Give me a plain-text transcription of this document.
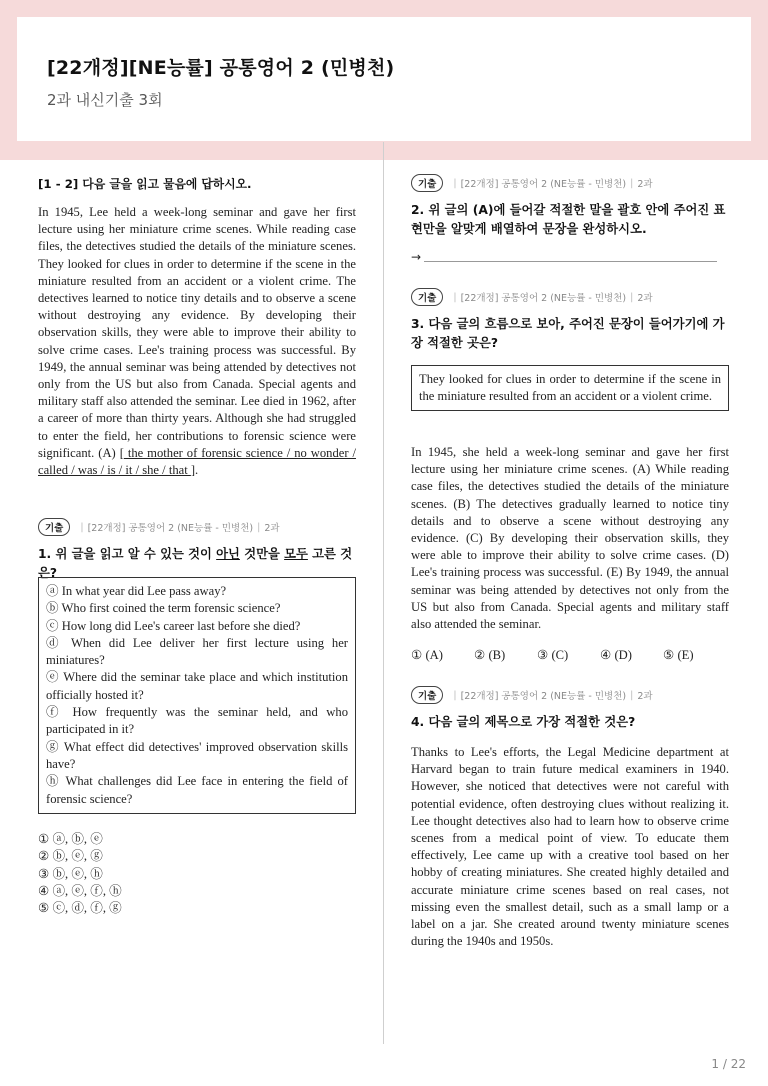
[22개정][NE능률] 공통영어 2 (민병천)
2과 내신기출 3회
[1 - 2] 다음 글을 읽고 물음에 답하시오.
In 1945, Lee held a week-long seminar and gave her first lecture using her miniature crime scenes. While reading case files, the detectives studied the details of the miniature scenes. They looked for clues in order to determine if the scene in the miniature resulted from an accident or a violent crime. The detectives learned to notice tiny details and to observe a scene without destroying any evidence. By developing their observation skills, they were able to improve their ability to solve crime cases. Lee's training process was successful. By 1949, the annual seminar was being attended by detectives not only from the US but also from Canada. Special agents and military staff also attended the seminar. Lee died in 1962, after a career of more than thirty years. Although she had struggled to enter the field, her contributions to forensic science were significant. (A) [ the mother of forensic science / no wonder / called / was / is / it / she / that ].
기출	| [22개정] 공통영어 2 (NE능률 - 민병천) | 2과
1. 위 글을 읽고 알 수 있는 것이 아닌 것만을 모두 고른 것은?
ⓐ In what year did Lee pass away?
ⓑ Who first coined the term forensic science?
ⓒ How long did Lee's career last before she died?
ⓓ When did Lee deliver her first lecture using her miniatures?
ⓔ Where did the seminar take place and which institution officially hosted it?
ⓕ How frequently was the seminar held, and who participated in it?
ⓖ What effect did detectives' improved observation skills have?
ⓗ What challenges did Lee face in entering the field of forensic science?
① ⓐ, ⓑ, ⓔ
② ⓑ, ⓔ, ⓖ
③ ⓑ, ⓔ, ⓗ
④ ⓐ, ⓔ, ⓕ, ⓗ
⑤ ⓒ, ⓓ, ⓕ, ⓖ
기출	| [22개정] 공통영어 2 (NE능률 - 민병천) | 2과
2. 위 글의 (A)에 들어갈 적절한 말을 괄호 안에 주어진 표현만을 알맞게 배열하여 문장을 완성하시오.
→
기출	| [22개정] 공통영어 2 (NE능률 - 민병천) | 2과
3. 다음 글의 흐름으로 보아, 주어진 문장이 들어가기에 가장 적절한 곳은?
They looked for clues in order to determine if the scene in the miniature resulted from an accident or a violent crime.
In 1945, she held a week-long seminar and gave her first lecture using her miniature crime scenes. (A) While reading case files, the detectives studied the details of the miniature scenes. (B) The detectives gradually learned to notice tiny details and to observe a scene without destroying any evidence. (C) By developing their observation skills, they were able to improve their ability to solve crime cases. (D) Lee's training process was successful. (E) By 1949, the annual seminar was being attended by detectives not only from the US but also from Canada. Special agents and military staff also attended the seminar.
① (A)	② (B)	③ (C)	④ (D)	⑤ (E)
기출	| [22개정] 공통영어 2 (NE능률 - 민병천) | 2과
4. 다음 글의 제목으로 가장 적절한 것은?
Thanks to Lee's efforts, the Legal Medicine department at Harvard began to train future medical examiners in 1940. However, she noticed that detectives were not careful with potential evidence, often destroying clues without realizing it. Lee thought detectives also had to learn how to observe crime scenes from a medical point of view. To educate them effectively, Lee came up with a creative tool based on her hobby of creating miniatures. She created highly detailed and accurate miniature crime scenes based on real cases, not missing even the smallest detail, such as a small lamp or a label on a jar. She created around twenty miniature scenes during the 1940s and 1950s.
1 / 22
